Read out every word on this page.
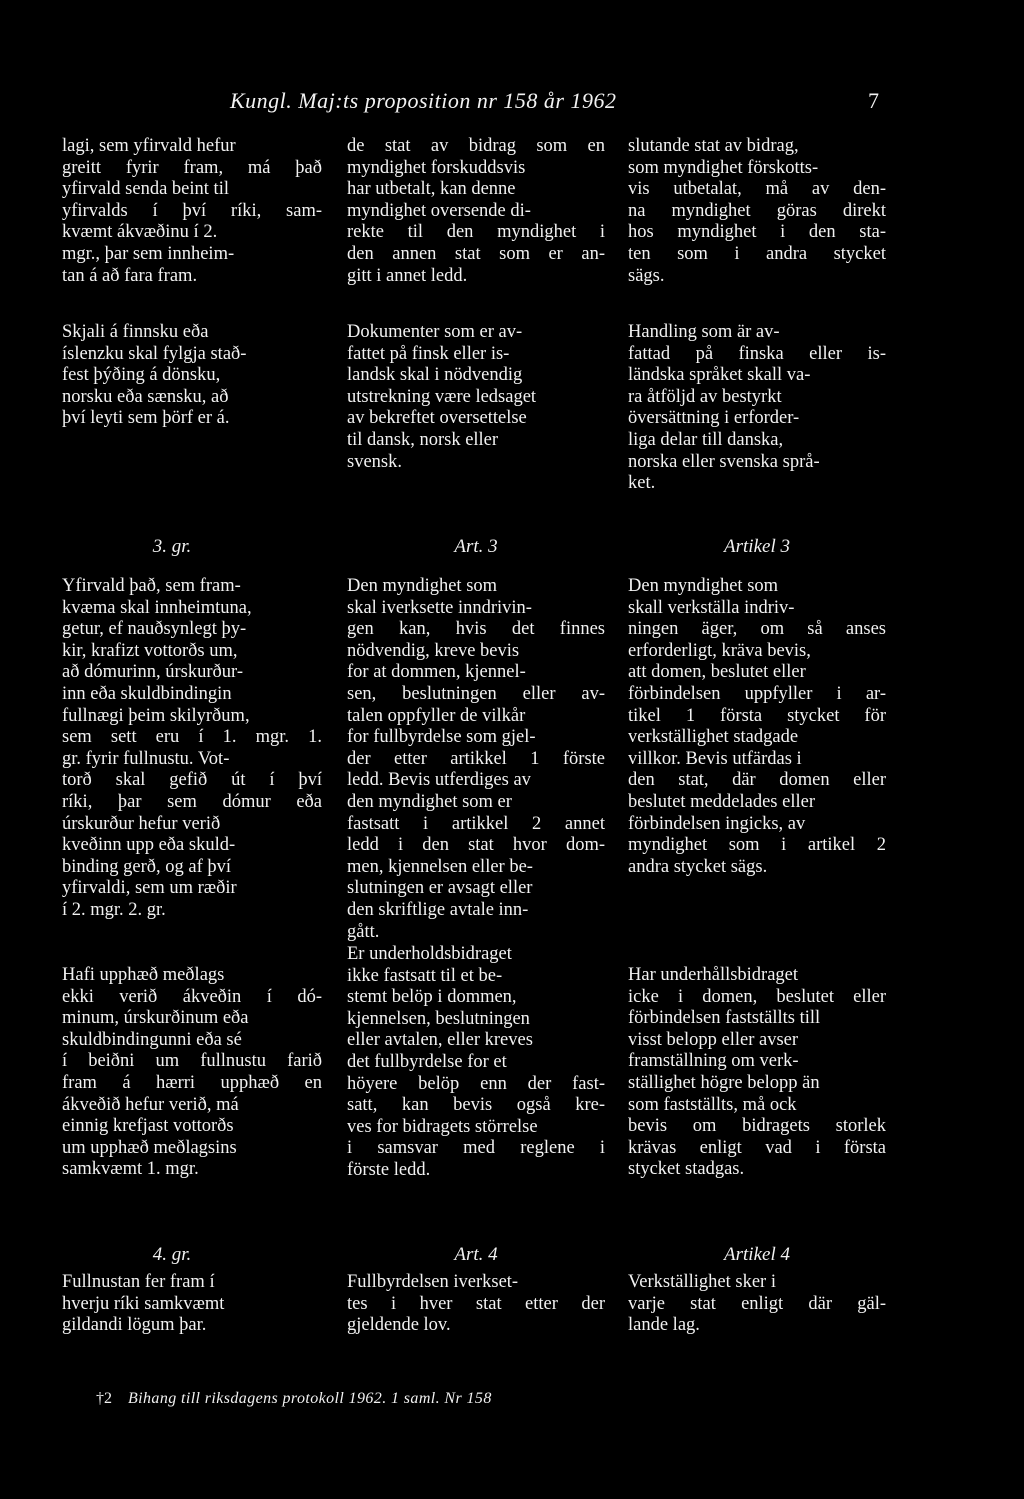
Kungl. Maj:ts proposition nr 158 år 1962	7
lagi, sem yfirvald hefur
greitt fyrir fram, má það
yfirvald senda beint til
yfirvalds í því ríki, sam-
kvæmt ákvæðinu í 2.
mgr., þar sem innheim-
tan á að fara fram.
Skjali á finnsku eða
íslenzku skal fylgja stað-
fest þýðing á dönsku,
norsku eða sænsku, að
því leyti sem þörf er á.
3. gr.
Yfirvald það, sem fram-
kvæma skal innheimtuna,
getur, ef nauðsynlegt þy-
kir, krafizt vottorðs um,
að dómurinn, úrskurður-
inn eða skuldbindingin
fullnægi þeim skilyrðum,
sem sett eru í 1. mgr. 1.
gr. fyrir fullnustu. Vot-
torð skal gefið út í því
ríki, þar sem dómur eða
úrskurður hefur verið
kveðinn upp eða skuld-
binding gerð, og af því
yfirvaldi, sem um ræðir
í 2. mgr. 2. gr.
Hafi upphæð meðlags
ekki verið ákveðin í dó-
minum, úrskurðinum eða
skuldbindingunni eða sé
í beiðni um fullnustu farið
fram á hærri upphæð en
ákveðið hefur verið, má
einnig krefjast vottorðs
um upphæð meðlagsins
samkvæmt 1. mgr.
4. gr.
Fullnustan fer fram í
hverju ríki samkvæmt
gildandi lögum þar.
de stat av bidrag som en
myndighet forskuddsvis
har utbetalt, kan denne
myndighet oversende di-
rekte til den myndighet i
den annen stat som er an-
gitt i annet ledd.
Dokumenter som er av-
fattet på finsk eller is-
landsk skal i nödvendig
utstrekning være ledsaget
av bekreftet oversettelse
til dansk, norsk eller
svensk.
Art. 3
Den myndighet som
skal iverksette inndrivin-
gen kan, hvis det finnes
nödvendig, kreve bevis
for at dommen, kjennel-
sen, beslutningen eller av-
talen oppfyller de vilkår
for fullbyrdelse som gjel-
der etter artikkel 1 förste
ledd. Bevis utferdiges av
den myndighet som er
fastsatt i artikkel 2 annet
ledd i den stat hvor dom-
men, kjennelsen eller be-
slutningen er avsagt eller
den skriftlige avtale inn-
gått.
Er underholdsbidraget
ikke fastsatt til et be-
stemt belöp i dommen,
kjennelsen, beslutningen
eller avtalen, eller kreves
det fullbyrdelse for et
höyere belöp enn der fast-
satt, kan bevis også kre-
ves for bidragets störrelse
i samsvar med reglene i
förste ledd.
Art. 4
Fullbyrdelsen iverkset-
tes i hver stat etter der
gjeldende lov.
slutande stat av bidrag,
som myndighet förskotts-
vis utbetalat, må av den-
na myndighet göras direkt
hos myndighet i den sta-
ten som i andra stycket
sägs.
Handling som är av-
fattad på finska eller is-
ländska språket skall va-
ra åtföljd av bestyrkt
översättning i erforder-
liga delar till danska,
norska eller svenska språ-
ket.
Artikel 3
Den myndighet som
skall verkställa indriv-
ningen äger, om så anses
erforderligt, kräva bevis,
att domen, beslutet eller
förbindelsen uppfyller i ar-
tikel 1 första stycket för
verkställighet stadgade
villkor. Bevis utfärdas i
den stat, där domen eller
beslutet meddelades eller
förbindelsen ingicks, av
myndighet som i artikel 2
andra stycket sägs.
Har underhållsbidraget
icke i domen, beslutet eller
förbindelsen fastställts till
visst belopp eller avser
framställning om verk-
ställighet högre belopp än
som fastställts, må ock
bevis om bidragets storlek
krävas enligt vad i första
stycket stadgas.
Artikel 4
Verkställighet sker i
varje stat enligt där gäl-
lande lag.
†2 Bihang till riksdagens protokoll 1962. 1 saml. Nr 158
